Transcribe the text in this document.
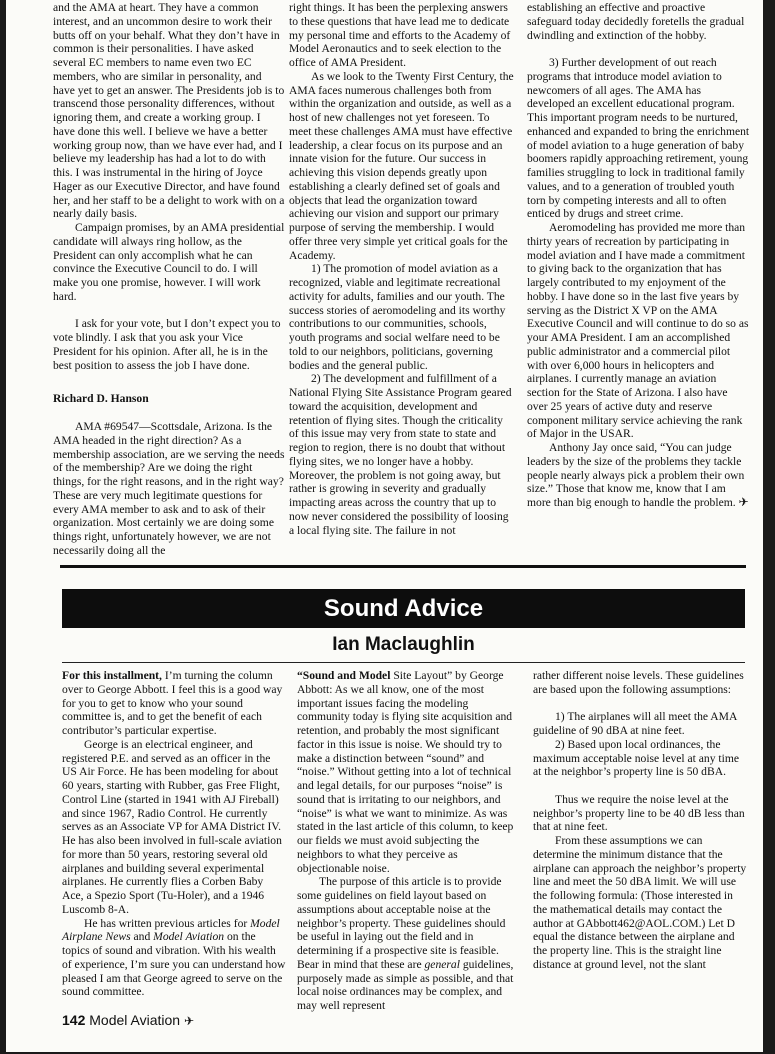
and the AMA at heart. They have a common interest, and an uncommon desire to work their butts off on your behalf. What they don’t have in common is their personalities. I have asked several EC members to name even two EC members, who are similar in personality, and have yet to get an answer. The Presidents job is to transcend those personality differences, without ignoring them, and create a working group. I have done this well. I believe we have a better working group now, than we have ever had, and I believe my leadership has had a lot to do with this. I was instrumental in the hiring of Joyce Hager as our Executive Director, and have found her, and her staff to be a delight to work with on a nearly daily basis.

Campaign promises, by an AMA presidential candidate will always ring hollow, as the President can only accomplish what he can convince the Executive Council to do. I will make you one promise, however. I will work hard.

I ask for your vote, but I don’t expect you to vote blindly. I ask that you ask your Vice President for his opinion. After all, he is in the best position to assess the job I have done.

Richard D. Hanson

AMA #69547—Scottsdale, Arizona. Is the AMA headed in the right direction? As a membership association, are we serving the needs of the membership? Are we doing the right things, for the right reasons, and in the right way? These are very much legitimate questions for every AMA member to ask and to ask of their organization. Most certainly we are doing some things right, unfortunately however, we are not necessarily doing all the

right things. It has been the perplexing answers to these questions that have lead me to dedicate my personal time and efforts to the Academy of Model Aeronautics and to seek election to the office of AMA President.

As we look to the Twenty First Century, the AMA faces numerous challenges both from within the organization and outside, as well as a host of new challenges not yet foreseen. To meet these challenges AMA must have effective leadership, a clear focus on its purpose and an innate vision for the future. Our success in achieving this vision depends greatly upon establishing a clearly defined set of goals and objects that lead the organization toward achieving our vision and support our primary purpose of serving the membership. I would offer three very simple yet critical goals for the Academy.

1) The promotion of model aviation as a recognized, viable and legitimate recreational activity for adults, families and our youth. The success stories of aeromodeling and its worthy contributions to our communities, schools, youth programs and social welfare need to be told to our neighbors, politicians, governing bodies and the general public.

2) The development and fulfillment of a National Flying Site Assistance Program geared toward the acquisition, development and retention of flying sites. Though the criticality of this issue may very from state to state and region to region, there is no doubt that without flying sites, we no longer have a hobby. Moreover, the problem is not going away, but rather is growing in severity and gradually impacting areas across the country that up to now never considered the possibility of loosing a local flying site. The failure in not

establishing an effective and proactive safeguard today decidedly foretells the gradual dwindling and extinction of the hobby.

3) Further development of out reach programs that introduce model aviation to newcomers of all ages. The AMA has developed an excellent educational program. This important program needs to be nurtured, enhanced and expanded to bring the enrichment of model aviation to a huge generation of baby boomers rapidly approaching retirement, young families struggling to lock in traditional family values, and to a generation of troubled youth torn by competing interests and all to often enticed by drugs and street crime.

Aeromodeling has provided me more than thirty years of recreation by participating in model aviation and I have made a commitment to giving back to the organization that has largely contributed to my enjoyment of the hobby. I have done so in the last five years by serving as the District X VP on the AMA Executive Council and will continue to do so as your AMA President. I am an accomplished public administrator and a commercial pilot with over 6,000 hours in helicopters and airplanes. I currently manage an aviation section for the State of Arizona. I also have over 25 years of active duty and reserve component military service achieving the rank of Major in the USAR.

Anthony Jay once said, “You can judge leaders by the size of the problems they tackle people nearly always pick a problem their own size.” Those that know me, know that I am more than big enough to handle the problem. ✈

Sound Advice
Ian Maclaughlin

For this installment, I’m turning the column over to George Abbott. I feel this is a good way for you to get to know who your sound committee is, and to get the benefit of each contributor’s particular expertise.

George is an electrical engineer, and registered P.E. and served as an officer in the US Air Force. He has been modeling for about 60 years, starting with Rubber, gas Free Flight, Control Line (started in 1941 with AJ Fireball) and since 1967, Radio Control. He currently serves as an Associate VP for AMA District IV. He has also been involved in full-scale aviation for more than 50 years, restoring several old airplanes and building several experimental airplanes. He currently flies a Corben Baby Ace, a Spezio Sport (Tu-Holer), and a 1946 Luscomb 8-A.

He has written previous articles for Model Airplane News and Model Aviation on the topics of sound and vibration. With his wealth of experience, I’m sure you can understand how pleased I am that George agreed to serve on the sound committee.

“Sound and Model Site Layout” by George Abbott: As we all know, one of the most important issues facing the modeling community today is flying site acquisition and retention, and probably the most significant factor in this issue is noise. We should try to make a distinction between “sound” and “noise.” Without getting into a lot of technical and legal details, for our purposes “noise” is sound that is irritating to our neighbors, and “noise” is what we want to minimize. As was stated in the last article of this column, to keep our fields we must avoid subjecting the neighbors to what they perceive as objectionable noise.

The purpose of this article is to provide some guidelines on field layout based on assumptions about acceptable noise at the neighbor’s property. These guidelines should be useful in laying out the field and in determining if a prospective site is feasible. Bear in mind that these are general guidelines, purposely made as simple as possible, and that local noise ordinances may be complex, and may well represent

rather different noise levels. These guidelines are based upon the following assumptions:

1) The airplanes will all meet the AMA guideline of 90 dBA at nine feet.

2) Based upon local ordinances, the maximum acceptable noise level at any time at the neighbor’s property line is 50 dBA.

Thus we require the noise level at the neighbor’s property line to be 40 dB less than that at nine feet.

From these assumptions we can determine the minimum distance that the airplane can approach the neighbor’s property line and meet the 50 dBA limit. We will use the following formula: (Those interested in the mathematical details may contact the author at GAbbott462@AOL.COM.) Let D equal the distance between the airplane and the property line. This is the straight line distance at ground level, not the slant

142 Model Aviation ✈
